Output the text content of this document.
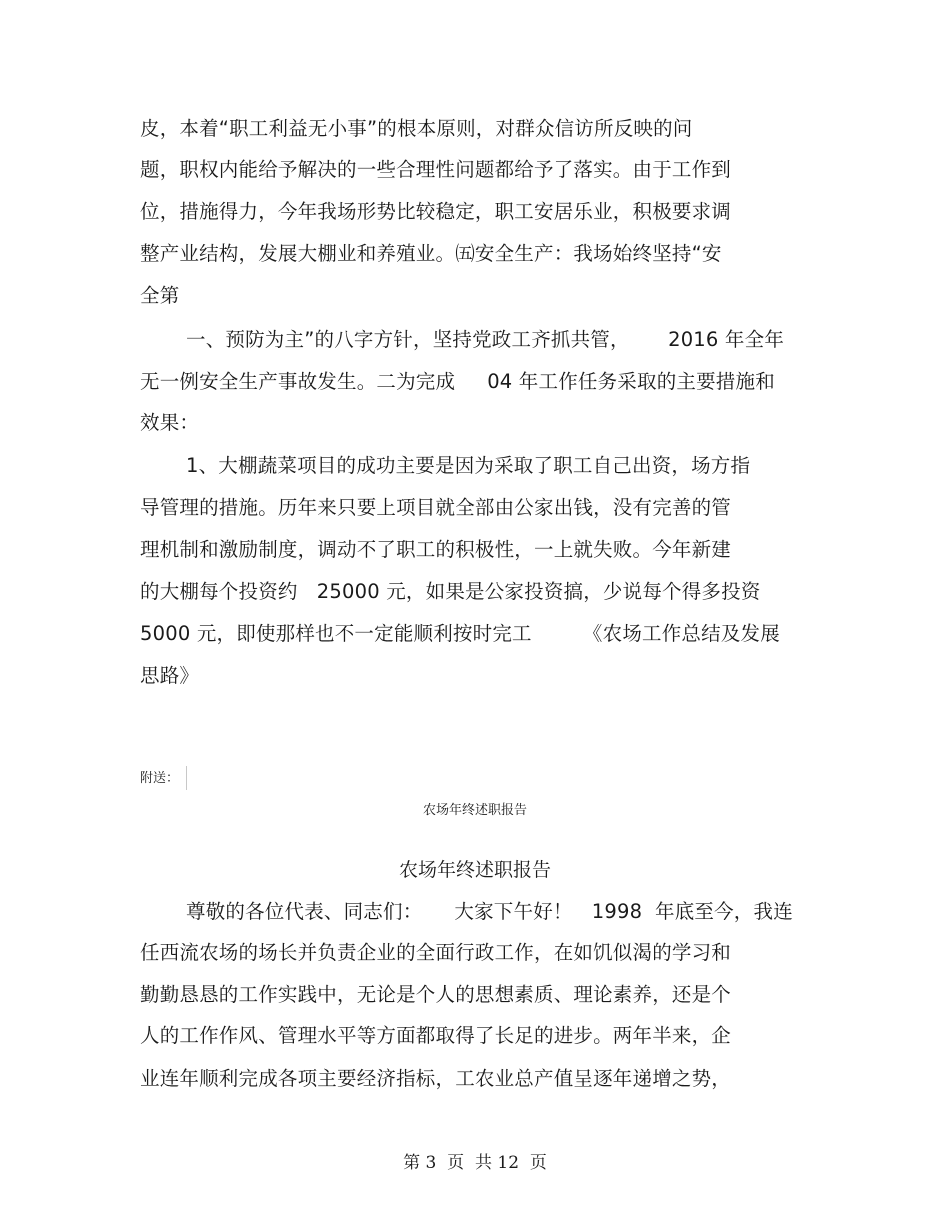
皮，本着“职工利益无小事”的根本原则，对群众信访所反映的问
题，职权内能给予解决的一些合理性问题都给予了落实。由于工作到
位，措施得力，今年我场形势比较稳定，职工安居乐业，积极要求调
整产业结构，发展大棚业和养殖业。㈤安全生产：我场始终坚持“安
全第
一、预防为主”的八字方针，坚持党政工齐抓共管，      2016 年全年
无一例安全生产事故发生。二为完成     04 年工作任务采取的主要措施和
效果：
1、大棚蔬菜项目的成功主要是因为采取了职工自己出资，场方指
导管理的措施。历年来只要上项目就全部由公家出钱，没有完善的管
理机制和激励制度，调动不了职工的积极性，一上就失败。今年新建
的大棚每个投资约   25000 元，如果是公家投资搞，少说每个得多投资
5000 元，即使那样也不一定能顺利按时完工        《农场工作总结及发展
思路》
附送：
农场年终述职报告
农场年终述职报告
尊敬的各位代表、同志们：     大家下午好！   1998  年底至今，我连
任西流农场的场长并负责企业的全面行政工作，在如饥似渴的学习和
勤勤恳恳的工作实践中，无论是个人的思想素质、理论素养，还是个
人的工作作风、管理水平等方面都取得了长足的进步。两年半来，企
业连年顺利完成各项主要经济指标，工农业总产值呈逐年递增之势，
第 3  页  共 12  页
